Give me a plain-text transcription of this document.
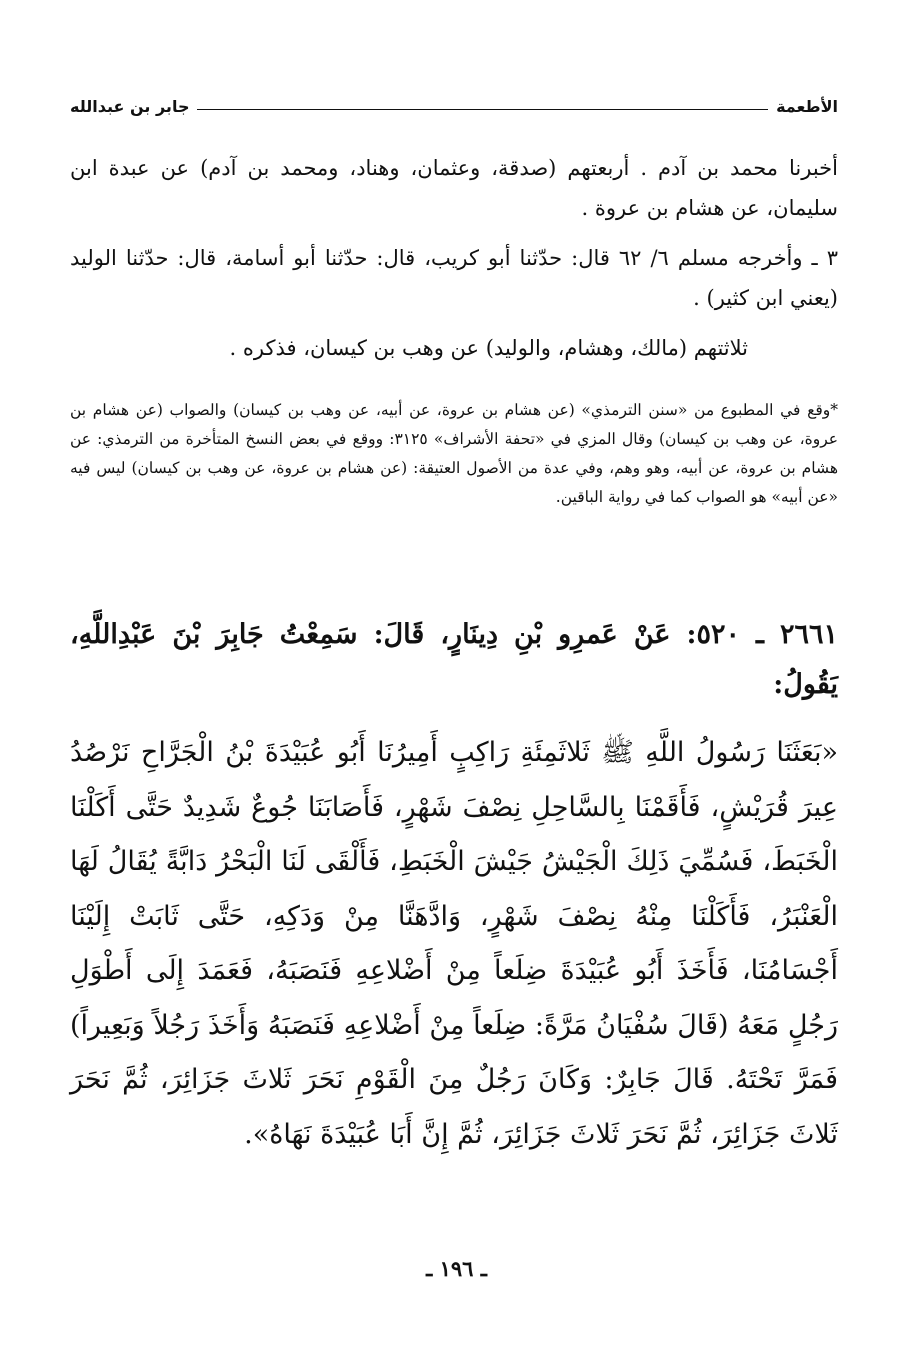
الأطعمة
جابر بن عبدالله

أخبرنا محمد بن آدم . أربعتهم (صدقة، وعثمان، وهناد، ومحمد بن آدم) عن عبدة ابن سليمان، عن هشام بن عروة .

٣ ـ وأخرجه مسلم ٦/ ٦٢ قال: حدّثنا أبو كريب، قال: حدّثنا أبو أسامة، قال: حدّثنا الوليد (يعني ابن كثير) .

ثلاثتهم (مالك، وهشام، والوليد) عن وهب بن كيسان، فذكره .

*وقع في المطبوع من «سنن الترمذي» (عن هشام بن عروة، عن أبيه، عن وهب بن كيسان) والصواب (عن هشام بن عروة، عن وهب بن كيسان) وقال المزي في «تحفة الأشراف» ٣١٢٥: ووقع في بعض النسخ المتأخرة من الترمذي: عن هشام بن عروة، عن أبيه، وهو وهم، وفي عدة من الأصول العتيقة: (عن هشام بن عروة، عن وهب بن كيسان) ليس فيه «عن أبيه» هو الصواب كما في رواية الباقين.

٢٦٦١ ـ ٥٢٠: عَنْ عَمرِو بْنِ دِينَارٍ، قَالَ: سَمِعْتُ جَابِرَ بْنَ عَبْدِاللَّهِ، يَقُولُ:

«بَعَثَنَا رَسُولُ اللَّهِ ﷺ ثَلاثَمِئَةِ رَاكِبٍ أَمِيرُنَا أَبُو عُبَيْدَةَ بْنُ الْجَرَّاحِ نَرْصُدُ عِيرَ قُرَيْشٍ، فَأَقَمْنَا بِالسَّاحِلِ نِصْفَ شَهْرٍ، فَأَصَابَنَا جُوعٌ شَدِيدٌ حَتَّى أَكَلْنَا الْخَبَطَ، فَسُمِّيَ ذَلِكَ الْجَيْشُ جَيْشَ الْخَبَطِ، فَأَلْقَى لَنَا الْبَحْرُ دَابَّةً يُقَالُ لَهَا الْعَنْبَرُ، فَأَكَلْنَا مِنْهُ نِصْفَ شَهْرٍ، وَادَّهَنَّا مِنْ وَدَكِهِ، حَتَّى ثَابَتْ إِلَيْنَا أَجْسَامُنَا، فَأَخَذَ أَبُو عُبَيْدَةَ ضِلَعاً مِنْ أَضْلاعِهِ فَنَصَبَهُ، فَعَمَدَ إِلَى أَطْوَلِ رَجُلٍ مَعَهُ (قَالَ سُفْيَانُ مَرَّةً: ضِلَعاً مِنْ أَضْلاعِهِ فَنَصَبَهُ وَأَخَذَ رَجُلاً وَبَعِيراً) فَمَرَّ تَحْتَهُ. قَالَ جَابِرٌ: وَكَانَ رَجُلٌ مِنَ الْقَوْمِ نَحَرَ ثَلاثَ جَزَائِرَ، ثُمَّ نَحَرَ ثَلاثَ جَزَائِرَ، ثُمَّ نَحَرَ ثَلاثَ جَزَائِرَ، ثُمَّ إِنَّ أَبَا عُبَيْدَةَ نَهَاهُ».

ـ ١٩٦ ـ
